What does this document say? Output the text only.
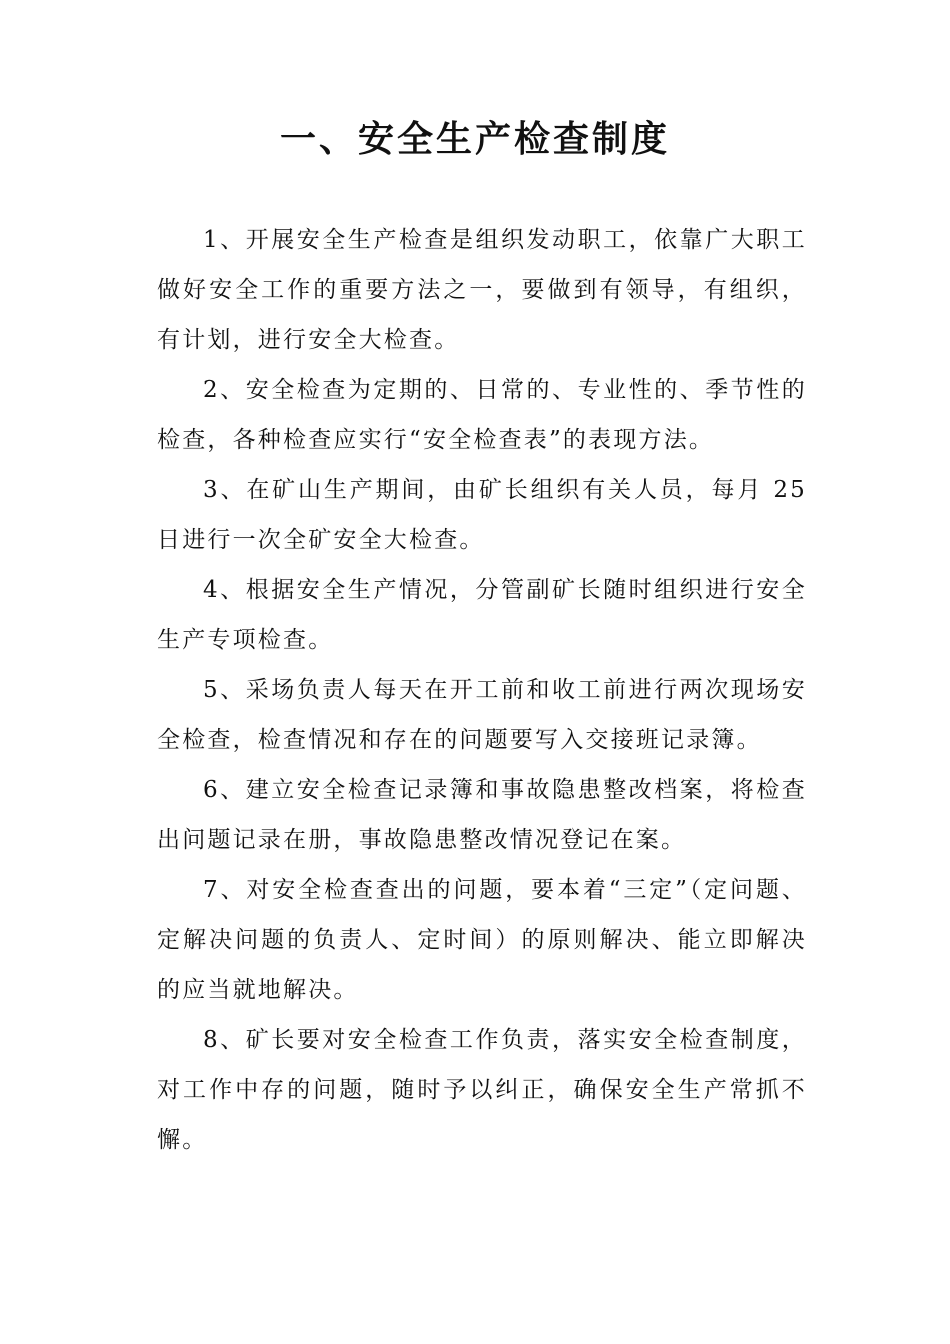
一、安全生产检查制度

1、开展安全生产检查是组织发动职工，依靠广大职工做好安全工作的重要方法之一，要做到有领导，有组织，有计划，进行安全大检查。

2、安全检查为定期的、日常的、专业性的、季节性的检查，各种检查应实行“安全检查表”的表现方法。

3、在矿山生产期间，由矿长组织有关人员，每月 25 日进行一次全矿安全大检查。

4、根据安全生产情况，分管副矿长随时组织进行安全生产专项检查。

5、采场负责人每天在开工前和收工前进行两次现场安全检查，检查情况和存在的问题要写入交接班记录簿。

6、建立安全检查记录簿和事故隐患整改档案，将检查出问题记录在册，事故隐患整改情况登记在案。

7、对安全检查查出的问题，要本着“三定”（定问题、定解决问题的负责人、定时间）的原则解决、能立即解决的应当就地解决。

8、矿长要对安全检查工作负责，落实安全检查制度，对工作中存的问题，随时予以纠正，确保安全生产常抓不懈。
